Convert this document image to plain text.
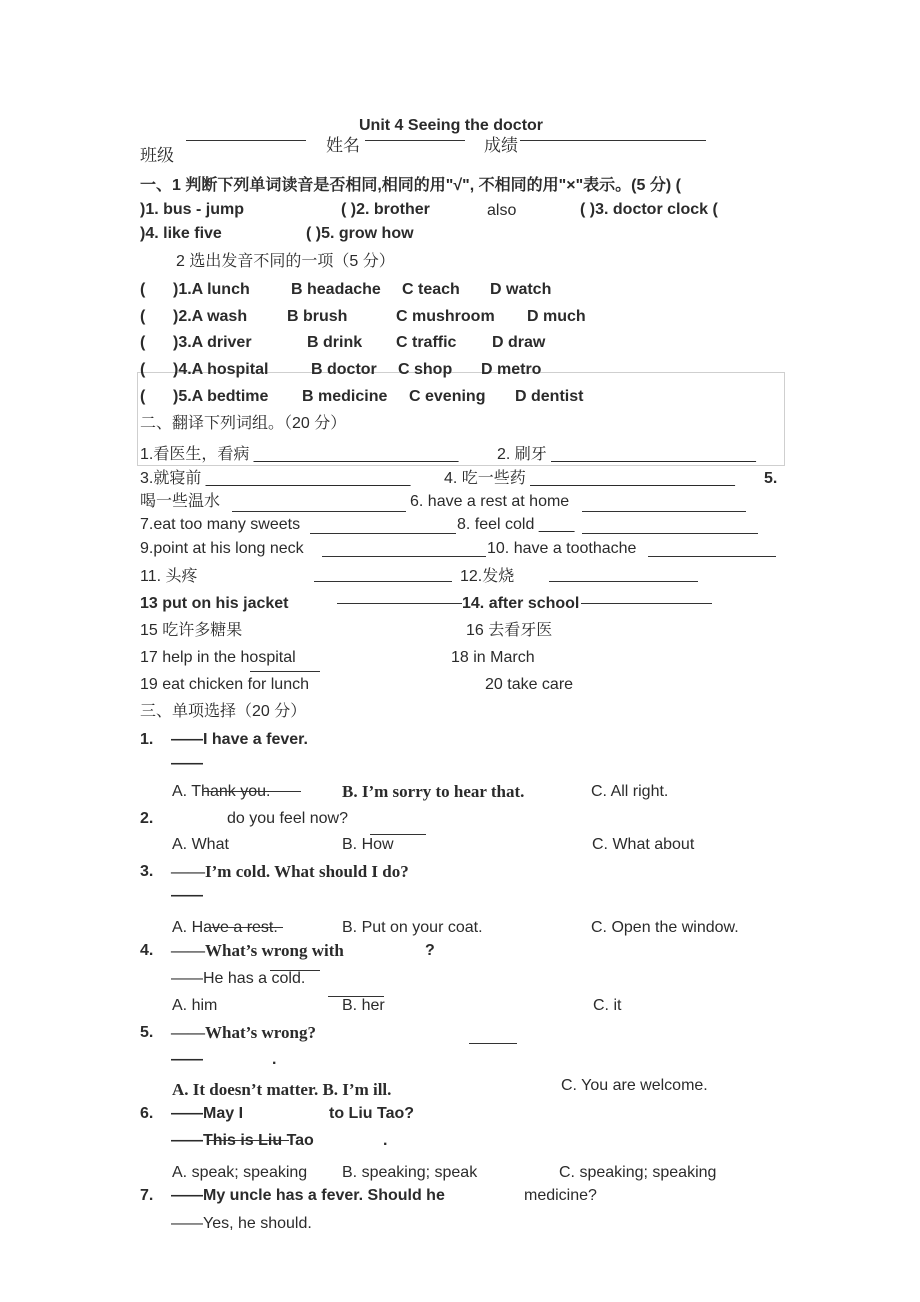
Unit 4 Seeing the doctor
班级
姓名	成绩
一、1 判断下列单词读音是否相同,相同的用"√", 不相同的用"×"表示。(5 分) (
)1. bus - jump	( )2. brother	also	( )3. doctor clock (
)4. like five	( )5. grow how
2 选出发音不同的一项（5 分）
( )1.A lunch	B headache C teach D watch
( )2.A wash B brush	C mushroom D much
( )3.A driver	B drink C traffic D draw
( )4.A hospital	B doctor C shop D metro
( )5.A bedtime B medicine C evening D dentist
二、翻译下列词组。（20 分）
1.看医生，看病 _______________________ 2. 刷牙 _______________________
3.就寝前 _______________________ 4. 吃一些药 _______________________ 5.
喝一些温水	6. have a rest at home
7.eat too many sweets	8. feel cold ____
9.point at his long neck	10. have a toothache
11. 头疼	12.发烧
13 put on his jacket	14. after school
15 吃许多糖果	16 去看牙医
17 help in the hospital	18 in March
19 eat chicken for lunch	20 take care
三、单项选择（20 分）
1. ——I have a fever.
——
A. Thank you.	B. I’m sorry to hear that.	C. All right.
2.	do you feel now?
A. What	B. How	C. What about
3. ——I’m cold. What should I do?
——
A. Have a rest.	B. Put on your coat.	C. Open the window.
4. ——What’s wrong with	?
——He has a cold.
A. him	B. her	C. it
5. ——What’s wrong?
——	.
A. It doesn’t matter. B. I’m ill.	C. You are welcome.
6. ——May I	to Liu Tao?
——This is Liu Tao	.
A. speak; speaking B. speaking; speak	C. speaking; speaking
7. ——My uncle has a fever. Should he	medicine?
——Yes, he should.
